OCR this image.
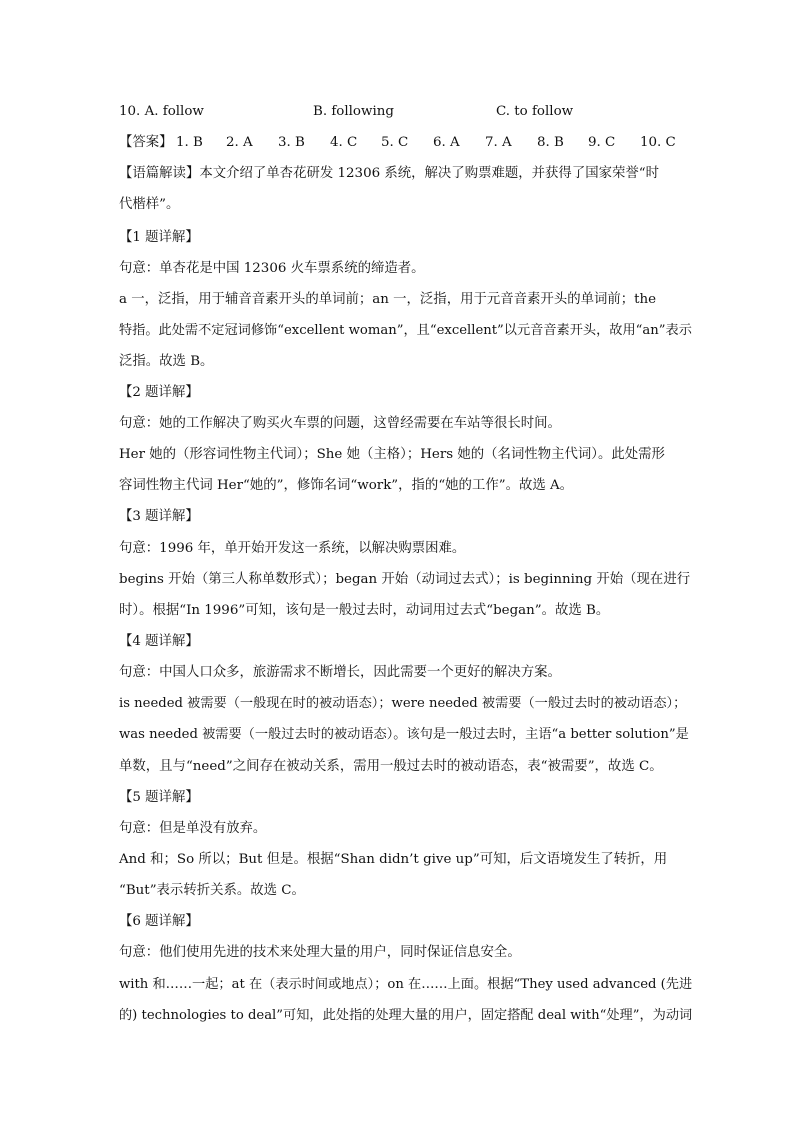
10. A. follow	B. following	C. to follow
【答案】 1. B 2. A 3. B 4. C 5. C 6. A 7. A 8. B 9. C 10. C
【语篇解读】本文介绍了单杏花研发 12306 系统，解决了购票难题，并获得了国家荣誉“时
代楷样”。
【1 题详解】
句意：单杏花是中国 12306 火车票系统的缔造者。
a 一，泛指，用于辅音音素开头的单词前；an 一，泛指，用于元音音素开头的单词前；the
特指。此处需不定冠词修饰“excellent woman”，且“excellent”以元音音素开头，故用“an”表示
泛指。故选 B。
【2 题详解】
句意：她的工作解决了购买火车票的问题，这曾经需要在车站等很长时间。
Her 她的（形容词性物主代词）；She 她（主格）；Hers 她的（名词性物主代词）。此处需形
容词性物主代词 Her“她的”，修饰名词“work”，指的“她的工作”。故选 A。
【3 题详解】
句意：1996 年，单开始开发这一系统，以解决购票困难。
begins 开始（第三人称单数形式）；began 开始（动词过去式）；is beginning 开始（现在进行
时）。根据“In 1996”可知，该句是一般过去时，动词用过去式“began”。故选 B。
【4 题详解】
句意：中国人口众多，旅游需求不断增长，因此需要一个更好的解决方案。
is needed 被需要（一般现在时的被动语态）；were needed 被需要（一般过去时的被动语态）；
was needed 被需要（一般过去时的被动语态）。该句是一般过去时，主语“a better solution”是
单数，且与“need”之间存在被动关系，需用一般过去时的被动语态，表“被需要”，故选 C。
【5 题详解】
句意：但是单没有放弃。
And 和；So 所以；But 但是。根据“Shan didn’t give up”可知，后文语境发生了转折，用
“But”表示转折关系。故选 C。
【6 题详解】
句意：他们使用先进的技术来处理大量的用户，同时保证信息安全。
with 和……一起；at 在（表示时间或地点）；on 在……上面。根据“They used advanced (先进
的) technologies to deal”可知，此处指的处理大量的用户，固定搭配 deal with“处理”，为动词
